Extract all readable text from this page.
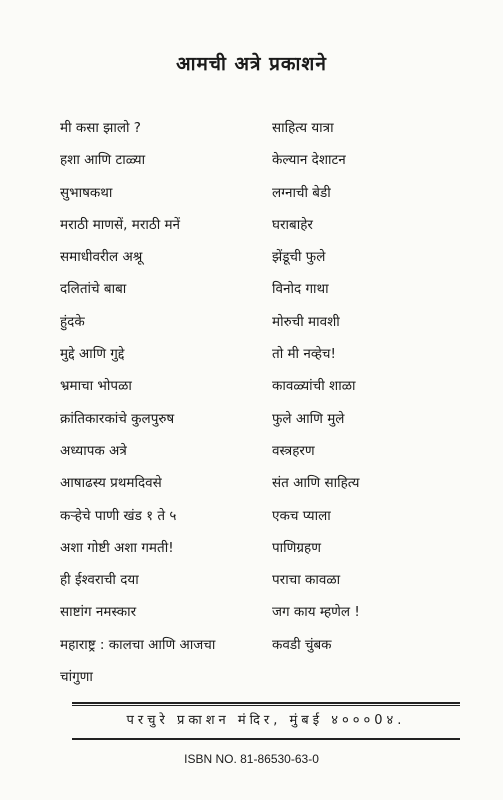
आमची अत्रे प्रकाशने
मी कसा झालो ?
हशा आणि टाळ्या
सुभाषकथा
मराठी माणसें, मराठी मनें
समाधीवरील अश्रू
दलितांचे बाबा
हुंदके
मुद्दे आणि गुद्दे
भ्रमाचा भोपळा
क्रांतिकारकांचे कुलपुरुष
अध्यापक अत्रे
आषाढस्य प्रथमदिवसे
कऱ्हेचे पाणी खंड १ ते ५
अशा गोष्टी अशा गमती!
ही ईश्वराची दया
साष्टांग नमस्कार
महाराष्ट्र : कालचा आणि आजचा
चांगुणा
साहित्य यात्रा
केल्यान देशाटन
लग्नाची बेडी
घराबाहेर
झेंडूची फुले
विनोद गाथा
मोरुची मावशी
तो मी नव्हेच!
कावळ्यांची शाळा
फुले आणि मुले
वस्त्रहरण
संत आणि साहित्य
एकच प्याला
पाणिग्रहण
पराचा कावळा
जग काय म्हणेल !
कवडी चुंबक
परचुरे प्रकाशन मंदिर, मुंबई ४०००0४.
ISBN NO. 81-86530-63-0
